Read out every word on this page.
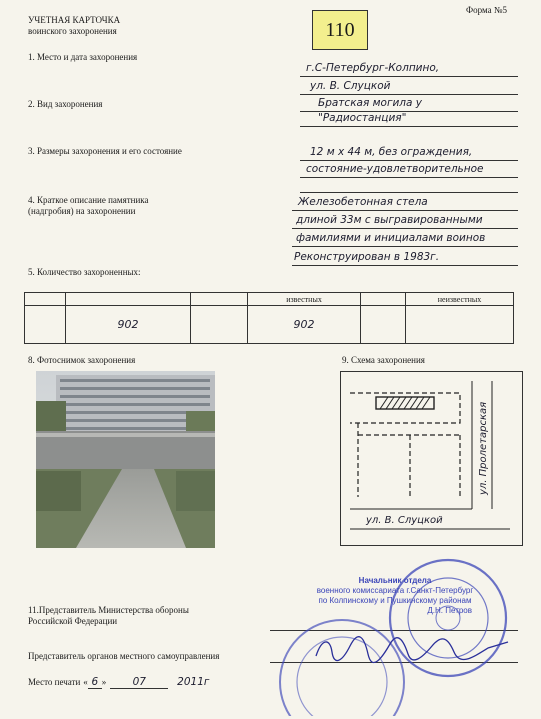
УЧЕТНАЯ КАРТОЧКА
воинского захоронения
Форма №5
110
1. Место и дата захоронения
г.С-Петербург-Колпино,
ул. В. Слуцкой
2. Вид захоронения	Братская могила у
"Радиостанция"
3. Размеры захоронения и его состояние	12 м х 44 м, без ограждения,
состояние-удовлетворительное
4. Краткое описание памятника
(надгробия) на захоронении
Железобетонная стела
длиной 33м с выгравированными
фамилиями и инициалами воинов
Реконструирован в 1983г.
5. Количество захороненных:
			известных		неизвестных
	902		902		
8. Фотоснимок захоронения	9. Схема захоронения
ул. Пролетарская
ул. В. Слуцкой
11.Представитель Министерства обороны
Российской Федерации
Представитель органов местного самоуправления
Место печати « 6 »	07	2011г
Начальник отдела
военного комиссариата г.Санкт-Петербург
по Колпинскому и Пушкинскому районам
Д.Н. Петров
